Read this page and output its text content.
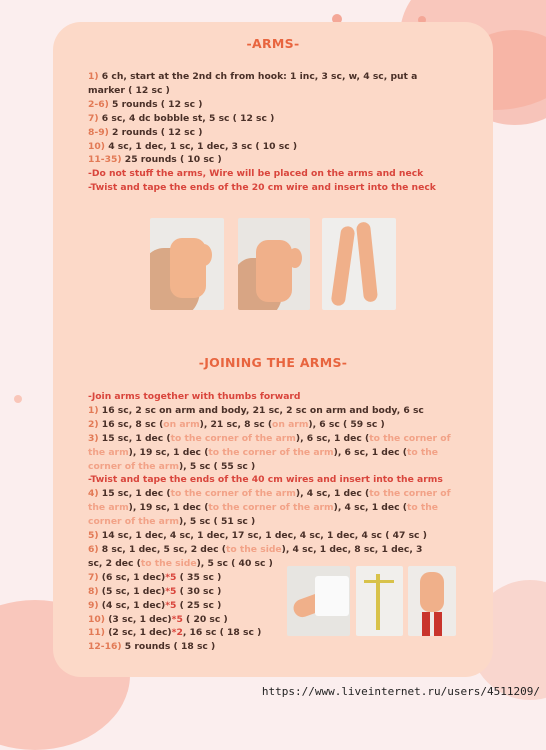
-ARMS-
1) 6 ch, start at the 2nd ch from hook: 1 inc, 3 sc, w, 4 sc, put a
marker ( 12 sc )
2-6) 5 rounds ( 12 sc )
7) 6 sc, 4 dc bobble st, 5 sc ( 12 sc )
8-9) 2 rounds ( 12 sc )
10) 4 sc, 1 dec, 1 sc, 1 dec, 3 sc ( 10 sc )
11-35) 25 rounds ( 10 sc )
-Do not stuff the arms, Wire will be placed on the arms and neck
-Twist and tape the ends of the 20 cm wire and insert into the neck
-JOINING THE ARMS-
-Join arms together with thumbs forward
1) 16 sc, 2 sc on arm and body, 21 sc, 2 sc on arm and body, 6 sc
2) 16 sc, 8 sc (on arm), 21 sc, 8 sc (on arm), 6 sc ( 59 sc )
3) 15 sc, 1 dec (to the corner of the arm), 6 sc, 1 dec (to the corner of the arm), 19 sc, 1 dec (to the corner of the arm), 6 sc, 1 dec (to the corner of the arm), 5 sc ( 55 sc )
-Twist and tape the ends of the 40 cm wires and insert into the arms
4) 15 sc, 1 dec (to the corner of the arm), 4 sc, 1 dec (to the corner of the arm), 19 sc, 1 dec (to the corner of the arm), 4 sc, 1 dec (to the corner of the arm), 5 sc ( 51 sc )
5) 14 sc, 1 dec, 4 sc, 1 dec, 17 sc, 1 dec, 4 sc, 1 dec, 4 sc ( 47 sc )
6) 8 sc, 1 dec, 5 sc, 2 dec (to the side), 4 sc, 1 dec, 8 sc, 1 dec, 3
sc, 2 dec (to the side), 5 sc ( 40 sc )
7) (6 sc, 1 dec)*5 ( 35 sc )
8) (5 sc, 1 dec)*5 ( 30 sc )
9) (4 sc, 1 dec)*5 ( 25 sc )
10) (3 sc, 1 dec)*5 ( 20 sc )
11) (2 sc, 1 dec)*2, 16 sc ( 18 sc )
12-16) 5 rounds ( 18 sc )
https://www.liveinternet.ru/users/4511209/
